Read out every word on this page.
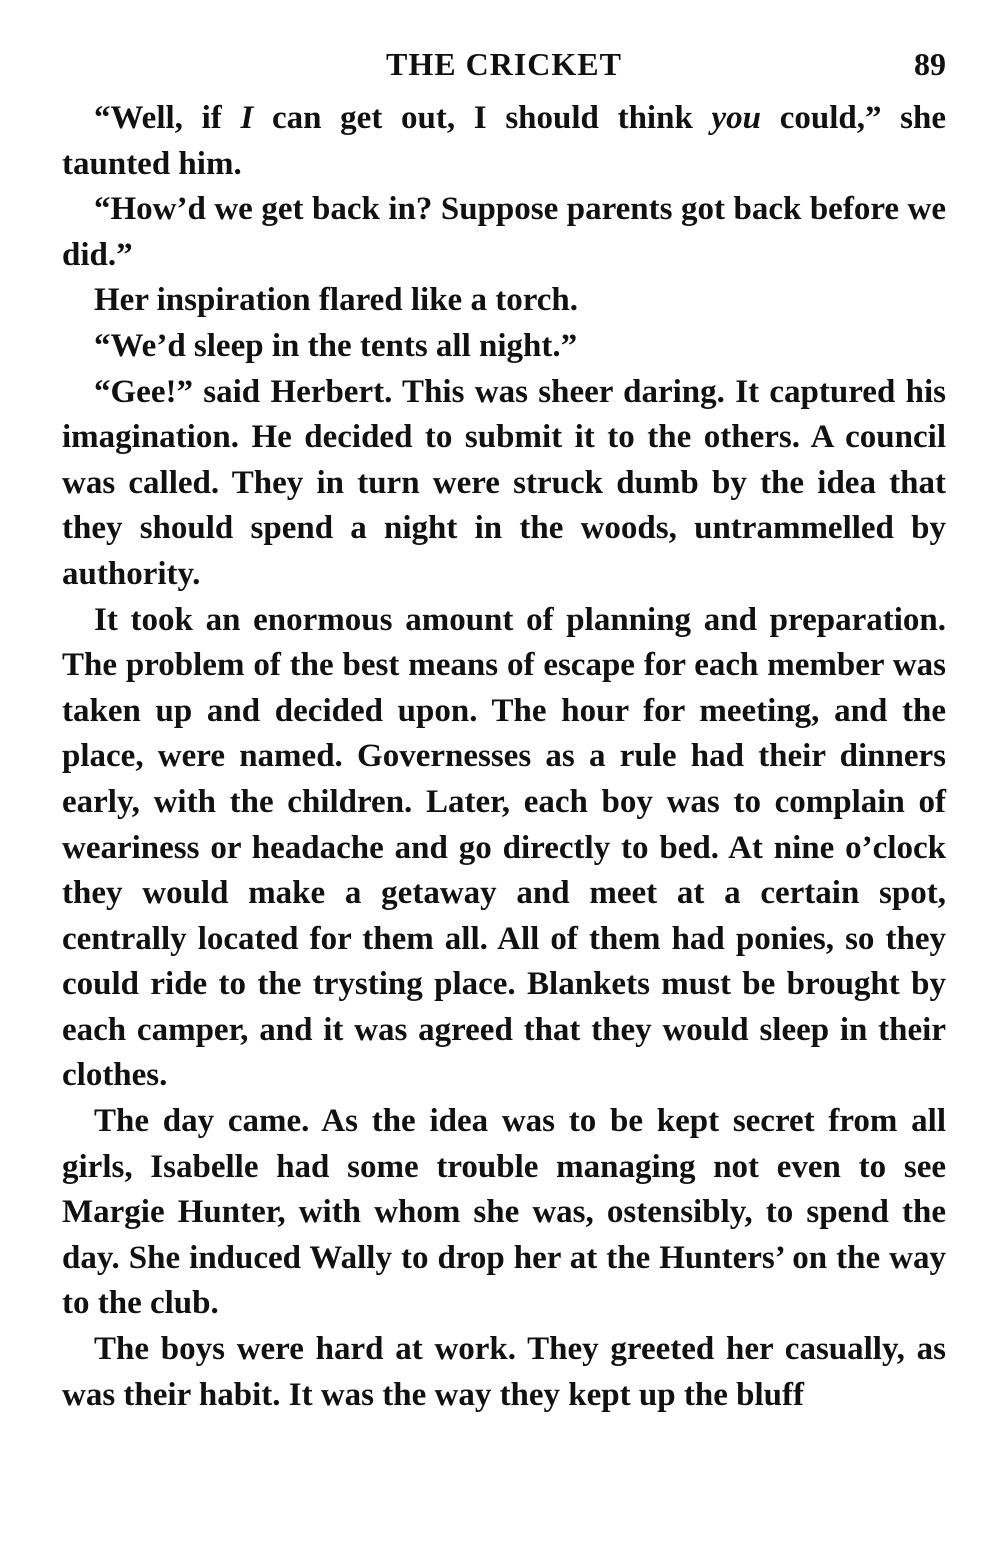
THE CRICKET	89

“Well, if I can get out, I should think you could,” she taunted him.

“How’d we get back in? Suppose parents got back before we did.”

Her inspiration flared like a torch.

“We’d sleep in the tents all night.”

“Gee!” said Herbert. This was sheer daring. It captured his imagination. He decided to submit it to the others. A council was called. They in turn were struck dumb by the idea that they should spend a night in the woods, untrammelled by authority.

It took an enormous amount of planning and preparation. The problem of the best means of escape for each member was taken up and decided upon. The hour for meeting, and the place, were named. Governesses as a rule had their dinners early, with the children. Later, each boy was to complain of weariness or headache and go directly to bed. At nine o’clock they would make a getaway and meet at a certain spot, centrally located for them all. All of them had ponies, so they could ride to the trysting place. Blankets must be brought by each camper, and it was agreed that they would sleep in their clothes.

The day came. As the idea was to be kept secret from all girls, Isabelle had some trouble managing not even to see Margie Hunter, with whom she was, ostensibly, to spend the day. She induced Wally to drop her at the Hunters’ on the way to the club.

The boys were hard at work. They greeted her casually, as was their habit. It was the way they kept up the bluff
